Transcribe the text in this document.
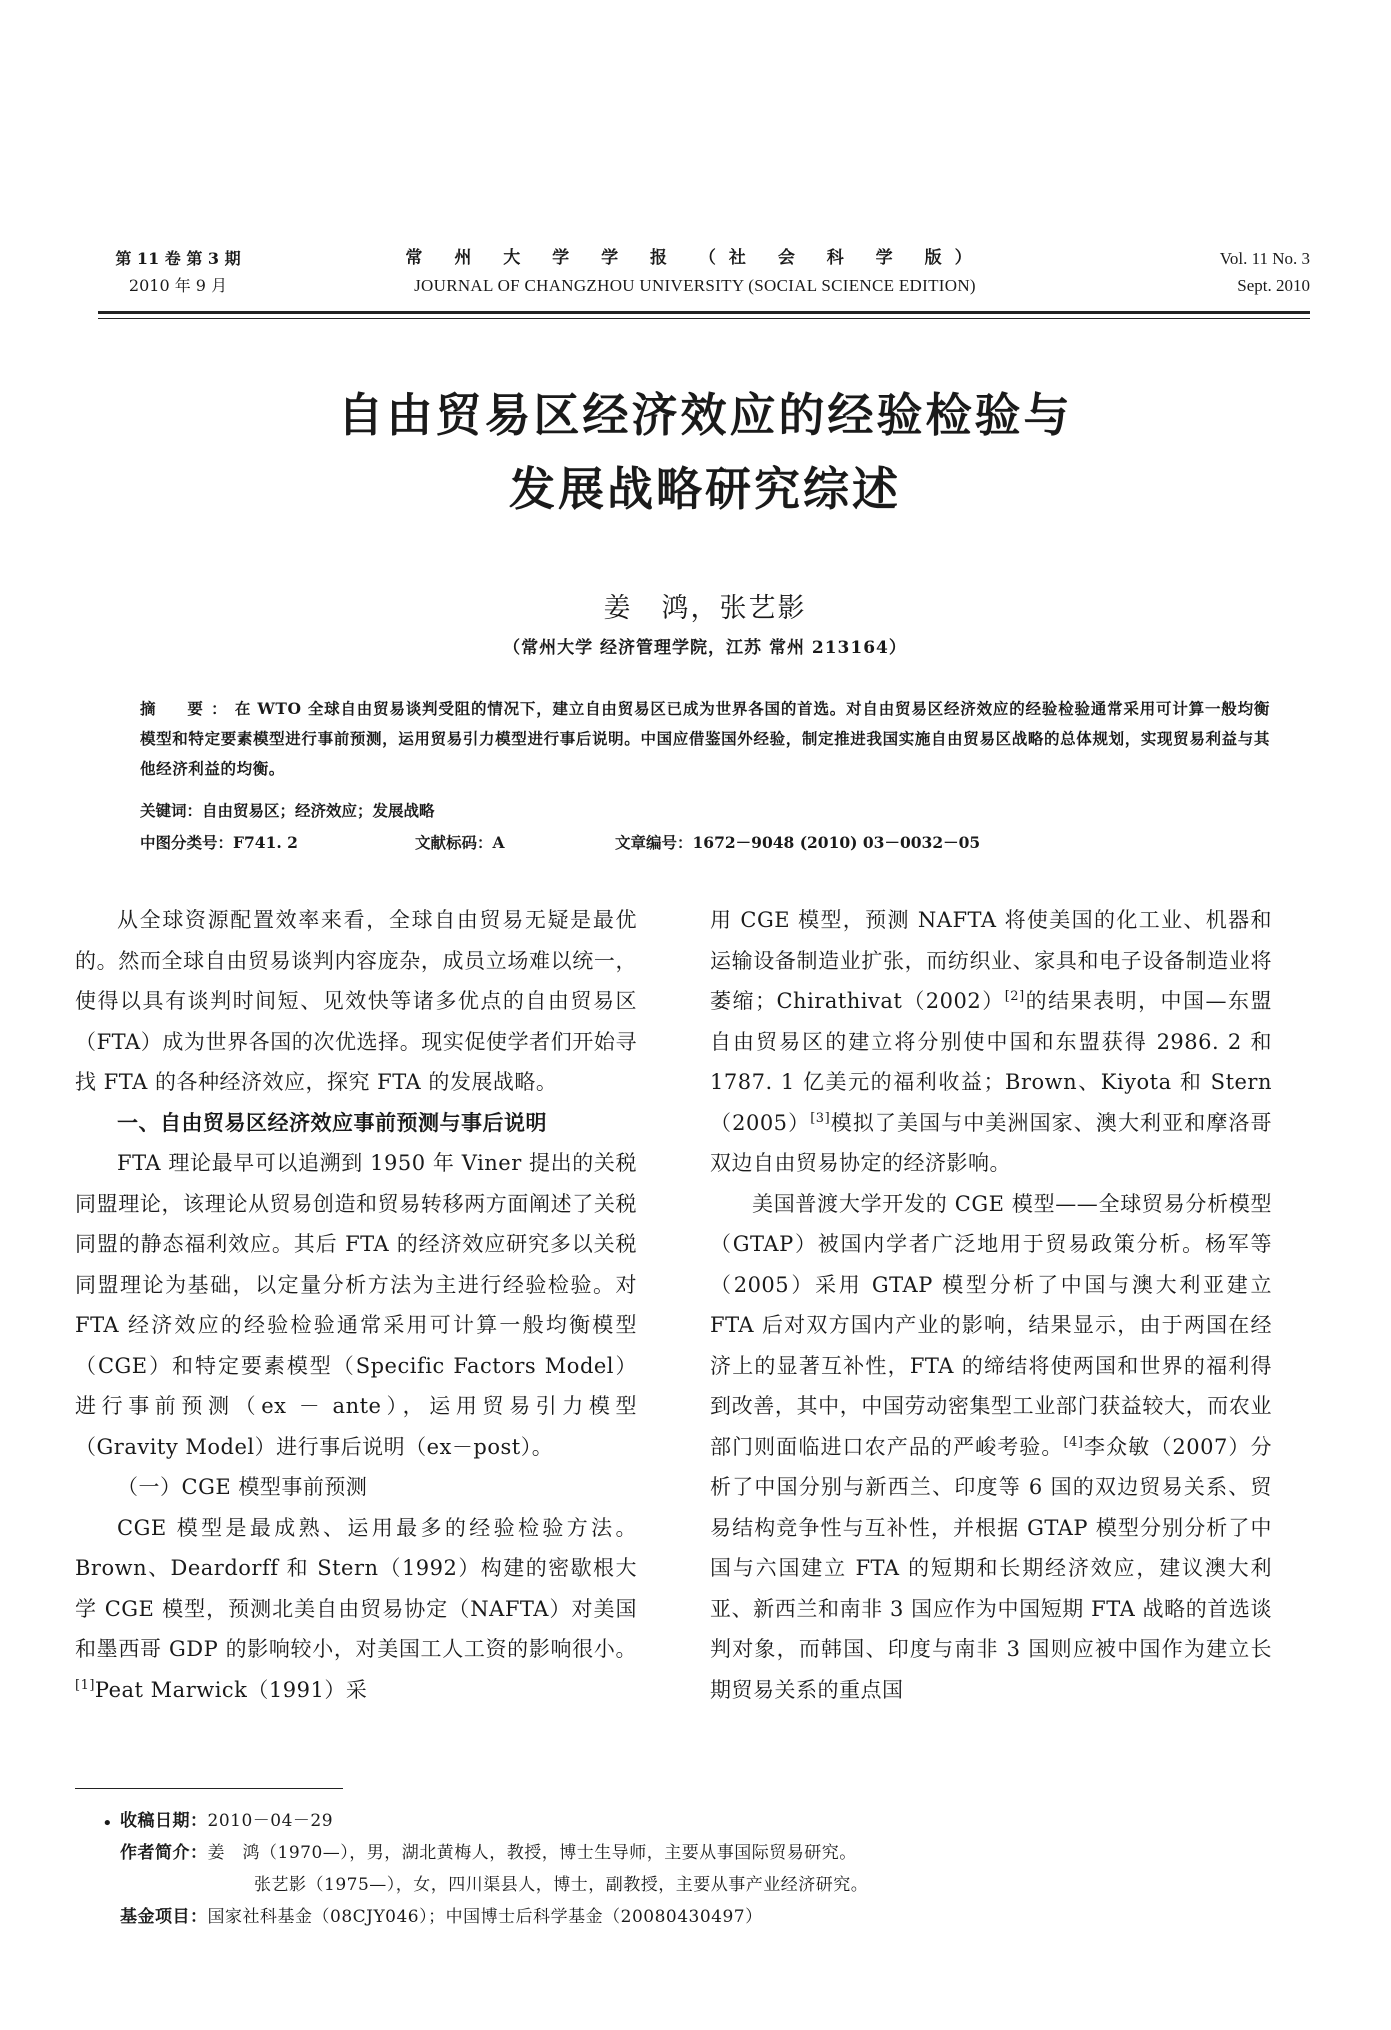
第 11 卷 第 3 期
2010 年 9 月
常 州 大 学 学 报 （社 会 科 学 版）
JOURNAL OF CHANGZHOU UNIVERSITY (SOCIAL SCIENCE EDITION)
Vol. 11 No. 3
Sept. 2010
自由贸易区经济效应的经验检验与
发展战略研究综述
姜　鸿，张艺影
（常州大学 经济管理学院，江苏 常州 213164）
摘　要：在 WTO 全球自由贸易谈判受阻的情况下，建立自由贸易区已成为世界各国的首选。对自由贸易区经济效应的经验检验通常采用可计算一般均衡模型和特定要素模型进行事前预测，运用贸易引力模型进行事后说明。中国应借鉴国外经验，制定推进我国实施自由贸易区战略的总体规划，实现贸易利益与其他经济利益的均衡。
关键词：自由贸易区；经济效应；发展战略
中图分类号：F741. 2	文献标码：A	文章编号：1672－9048 (2010) 03－0032－05

从全球资源配置效率来看，全球自由贸易无疑是最优的。然而全球自由贸易谈判内容庞杂，成员立场难以统一，使得以具有谈判时间短、见效快等诸多优点的自由贸易区（FTA）成为世界各国的次优选择。现实促使学者们开始寻找 FTA 的各种经济效应，探究 FTA 的发展战略。

一、自由贸易区经济效应事前预测与事后说明

FTA 理论最早可以追溯到 1950 年 Viner 提出的关税同盟理论，该理论从贸易创造和贸易转移两方面阐述了关税同盟的静态福利效应。其后 FTA 的经济效应研究多以关税同盟理论为基础，以定量分析方法为主进行经验检验。对 FTA 经济效应的经验检验通常采用可计算一般均衡模型（CGE）和特定要素模型（Specific Factors Model）进行事前预测（ex － ante），运用贸易引力模型（Gravity Model）进行事后说明（ex－post）。

（一）CGE 模型事前预测

CGE 模型是最成熟、运用最多的经验检验方法。Brown、Deardorff 和 Stern（1992）构建的密歇根大学 CGE 模型，预测北美自由贸易协定（NAFTA）对美国和墨西哥 GDP 的影响较小，对美国工人工资的影响很小。[1]Peat Marwick（1991）采

用 CGE 模型，预测 NAFTA 将使美国的化工业、机器和运输设备制造业扩张，而纺织业、家具和电子设备制造业将萎缩；Chirathivat（2002）[2]的结果表明，中国—东盟自由贸易区的建立将分别使中国和东盟获得 2986. 2 和 1787. 1 亿美元的福利收益；Brown、Kiyota 和 Stern（2005）[3]模拟了美国与中美洲国家、澳大利亚和摩洛哥双边自由贸易协定的经济影响。

美国普渡大学开发的 CGE 模型——全球贸易分析模型（GTAP）被国内学者广泛地用于贸易政策分析。杨军等（2005）采用 GTAP 模型分析了中国与澳大利亚建立 FTA 后对双方国内产业的影响，结果显示，由于两国在经济上的显著互补性，FTA 的缔结将使两国和世界的福利得到改善，其中，中国劳动密集型工业部门获益较大，而农业部门则面临进口农产品的严峻考验。[4]李众敏（2007）分析了中国分别与新西兰、印度等 6 国的双边贸易关系、贸易结构竞争性与互补性，并根据 GTAP 模型分别分析了中国与六国建立 FTA 的短期和长期经济效应，建议澳大利亚、新西兰和南非 3 国应作为中国短期 FTA 战略的首选谈判对象，而韩国、印度与南非 3 国则应被中国作为建立长期贸易关系的重点国

• 收稿日期：2010－04－29
作者简介：姜　鸿（1970—），男，湖北黄梅人，教授，博士生导师，主要从事国际贸易研究。
张艺影（1975—），女，四川渠县人，博士，副教授，主要从事产业经济研究。
基金项目：国家社科基金（08CJY046）；中国博士后科学基金（20080430497）
